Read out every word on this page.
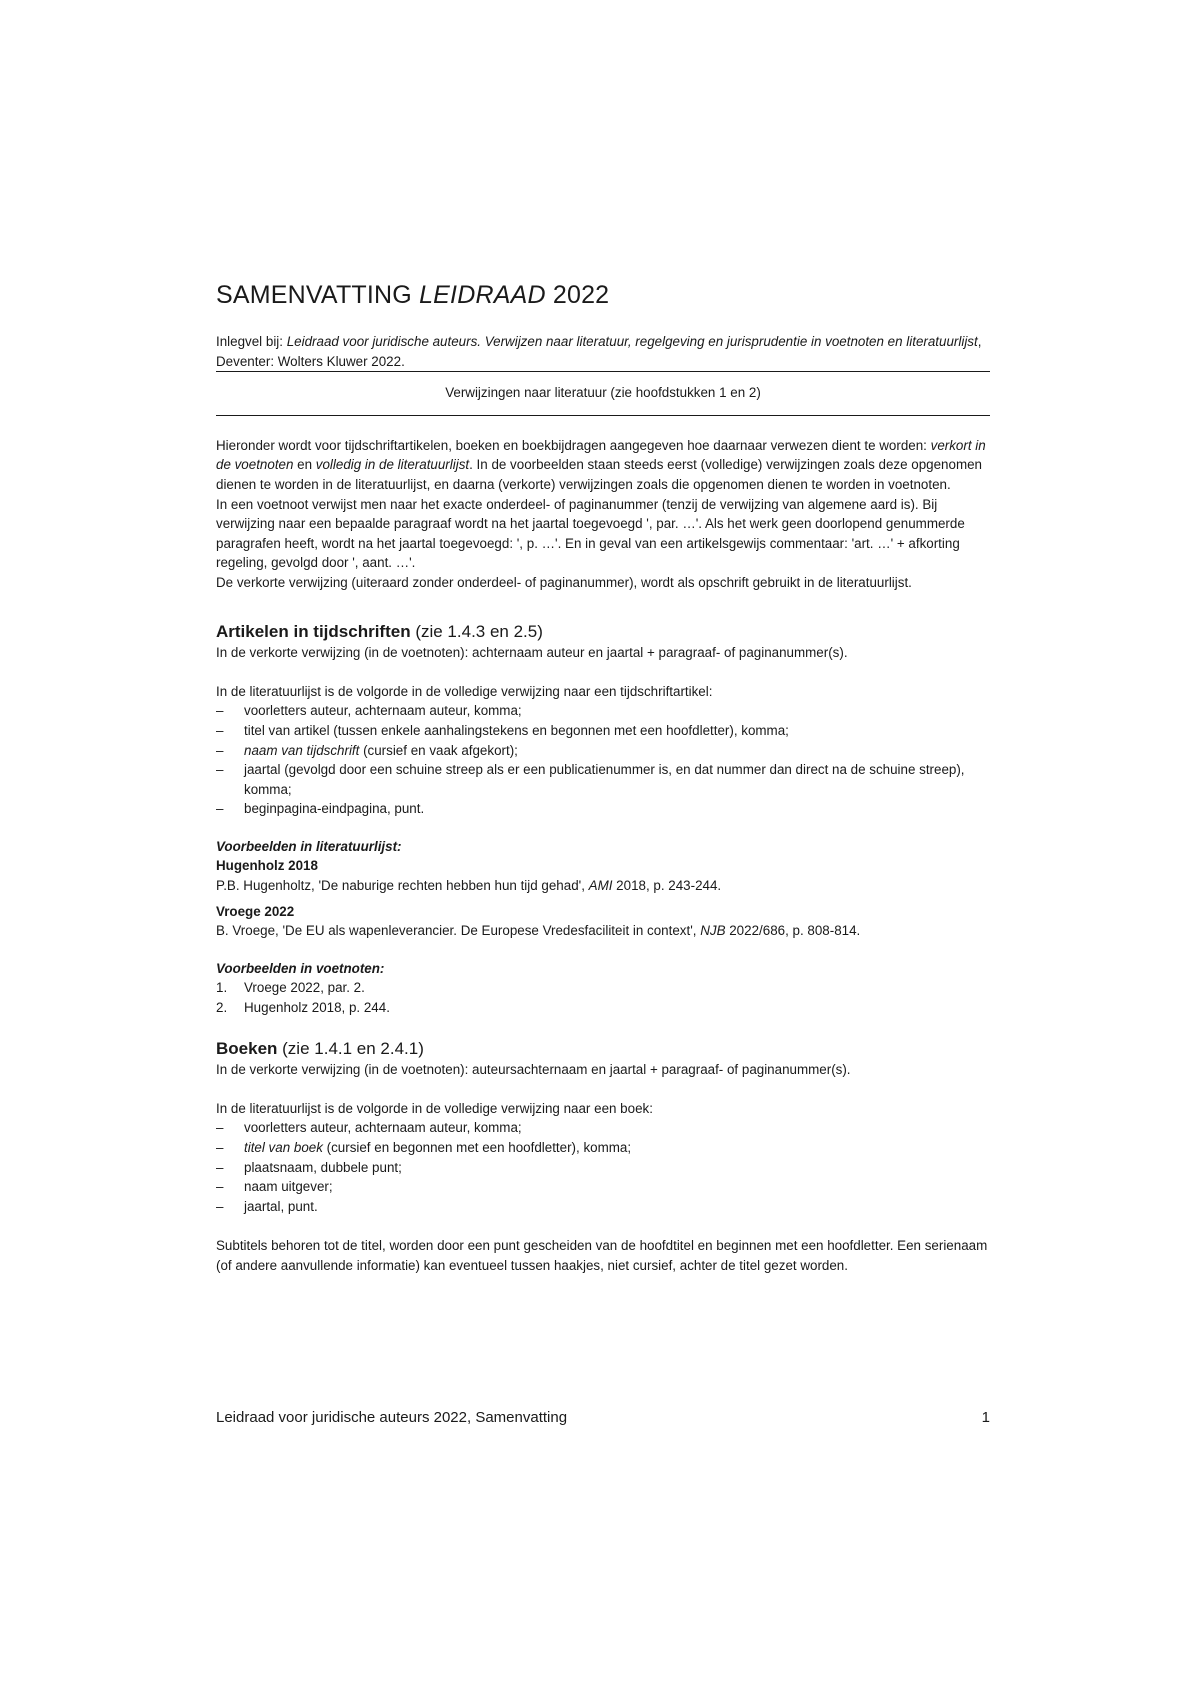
SAMENVATTING LEIDRAAD 2022

Inlegvel bij: Leidraad voor juridische auteurs. Verwijzen naar literatuur, regelgeving en jurisprudentie in voetnoten en literatuurlijst, Deventer: Wolters Kluwer 2022.

Verwijzingen naar literatuur (zie hoofdstukken 1 en 2)

Hieronder wordt voor tijdschriftartikelen, boeken en boekbijdragen aangegeven hoe daarnaar verwezen dient te worden: verkort in de voetnoten en volledig in de literatuurlijst. In de voorbeelden staan steeds eerst (volledige) verwijzingen zoals deze opgenomen dienen te worden in de literatuurlijst, en daarna (verkorte) verwijzingen zoals die opgenomen dienen te worden in voetnoten.

In een voetnoot verwijst men naar het exacte onderdeel- of paginanummer (tenzij de verwijzing van algemene aard is). Bij verwijzing naar een bepaalde paragraaf wordt na het jaartal toegevoegd ', par. …'. Als het werk geen doorlopend genummerde paragrafen heeft, wordt na het jaartal toegevoegd: ', p. …'. En in geval van een artikelsgewijs commentaar: 'art. …' + afkorting regeling, gevolgd door ', aant. …'.

De verkorte verwijzing (uiteraard zonder onderdeel- of paginanummer), wordt als opschrift gebruikt in de literatuurlijst.

Artikelen in tijdschriften (zie 1.4.3 en 2.5)

In de verkorte verwijzing (in de voetnoten): achternaam auteur en jaartal + paragraaf- of paginanummer(s).

In de literatuurlijst is de volgorde in de volledige verwijzing naar een tijdschriftartikel:

– voorletters auteur, achternaam auteur, komma;
– titel van artikel (tussen enkele aanhalingstekens en begonnen met een hoofdletter), komma;
– naam van tijdschrift (cursief en vaak afgekort);
– jaartal (gevolgd door een schuine streep als er een publicatienummer is, en dat nummer dan direct na de schuine streep), komma;
– beginpagina-eindpagina, punt.

Voorbeelden in literatuurlijst:

Hugenholz 2018

P.B. Hugenholtz, 'De naburige rechten hebben hun tijd gehad', AMI 2018, p. 243-244.

Vroege 2022

B. Vroege, 'De EU als wapenleverancier. De Europese Vredesfaciliteit in context', NJB 2022/686, p. 808-814.

Voorbeelden in voetnoten:

1. Vroege 2022, par. 2.
2. Hugenholz 2018, p. 244.
Boeken (zie 1.4.1 en 2.4.1)

In de verkorte verwijzing (in de voetnoten): auteursachternaam en jaartal + paragraaf- of paginanummer(s).

In de literatuurlijst is de volgorde in de volledige verwijzing naar een boek:

– voorletters auteur, achternaam auteur, komma;
– titel van boek (cursief en begonnen met een hoofdletter), komma;
– plaatsnaam, dubbele punt;
– naam uitgever;
– jaartal, punt.

Subtitels behoren tot de titel, worden door een punt gescheiden van de hoofdtitel en beginnen met een hoofdletter. Een serienaam (of andere aanvullende informatie) kan eventueel tussen haakjes, niet cursief, achter de titel gezet worden.

Leidraad voor juridische auteurs 2022, Samenvatting	1
